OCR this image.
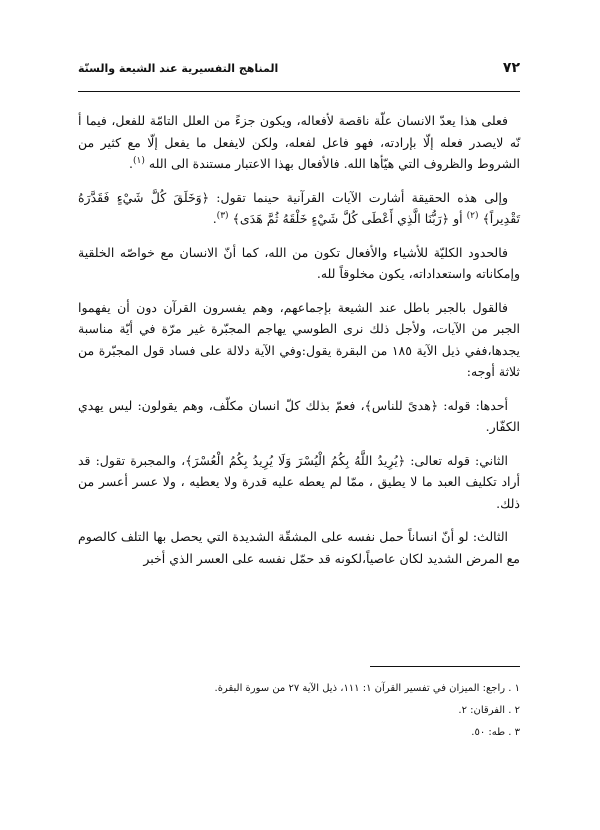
٧٢
المناهج التفسيرية عند الشيعة والسنّة

فعلى هذا يعدّ الانسان علّة ناقصة لأفعاله، ويكون جزءً من العلل التامّة للفعل، فيما أ نّه لايصدر فعله إلّا بإرادته، فهو فاعل لفعله، ولكن لايفعل ما يفعل إلّا مع كثير من الشروط والظروف التي هيّأها الله. فالأفعال بهذا الاعتبار مستندة الى الله $^{(١)}$.

وإلى هذه الحقيقة أشارت الآيات القرآنية حينما تقول: ﴿وَخَلَقَ كُلَّ شَيْءٍ فَقَدَّرَهُ تَقْدِيراً﴾ $^{(٢)}$ أو ﴿رَبُّنَا الَّذِي أَعْطَى كُلَّ شَيْءٍ خَلْقَهُ ثُمَّ هَدَى﴾ $^{(٣)}$.

فالحدود الكليّة للأشياء والأفعال تكون من الله، كما أنّ الانسان مع خواصّه الخلقية وإمكاناته واستعداداته، يكون مخلوقاً لله.

فالقول بالجبر باطل عند الشيعة بإجماعهم، وهم يفسرون القرآن دون أن يفهموا الجبر من الآيات، ولأجل ذلك نرى الطوسي يهاجم المجبّرة غير مرّة في أيّة مناسبة يجدها،ففي ذيل الآية ١٨٥ من البقرة يقول:وفي الآية دلالة على فساد قول المجبّرة من ثلاثة أوجه:

أحدها: قوله: ﴿هدىً للناس﴾، فعمّ بذلك كلّ انسان مكلّف، وهم يقولون: ليس يهدي الكفّار.

الثاني: قوله تعالى: ﴿يُرِيدُ اللَّهُ بِكُمُ الْيُسْرَ وَلَا يُرِيدُ بِكُمُ الْعُسْرَ﴾، والمجبرة تقول: قد أراد تكليف العبد ما لا يطيق ، ممّا لم يعطه عليه قدرة ولا يعطيه ، ولا عسر أعسر من ذلك.

الثالث: لو أنّ انساناً حمل نفسه على المشقّة الشديدة التي يحصل بها التلف كالصوم مع المرض الشديد لكان عاصياً،لكونه قد حمّل نفسه على العسر الذي أخبر

١ . راجع: الميزان في تفسير القرآن ١: ١١١، ذيل الآية ٢٧ من سورة البقرة.
٢ . الفرقان: ٢.
٣ . طه: ٥٠.
